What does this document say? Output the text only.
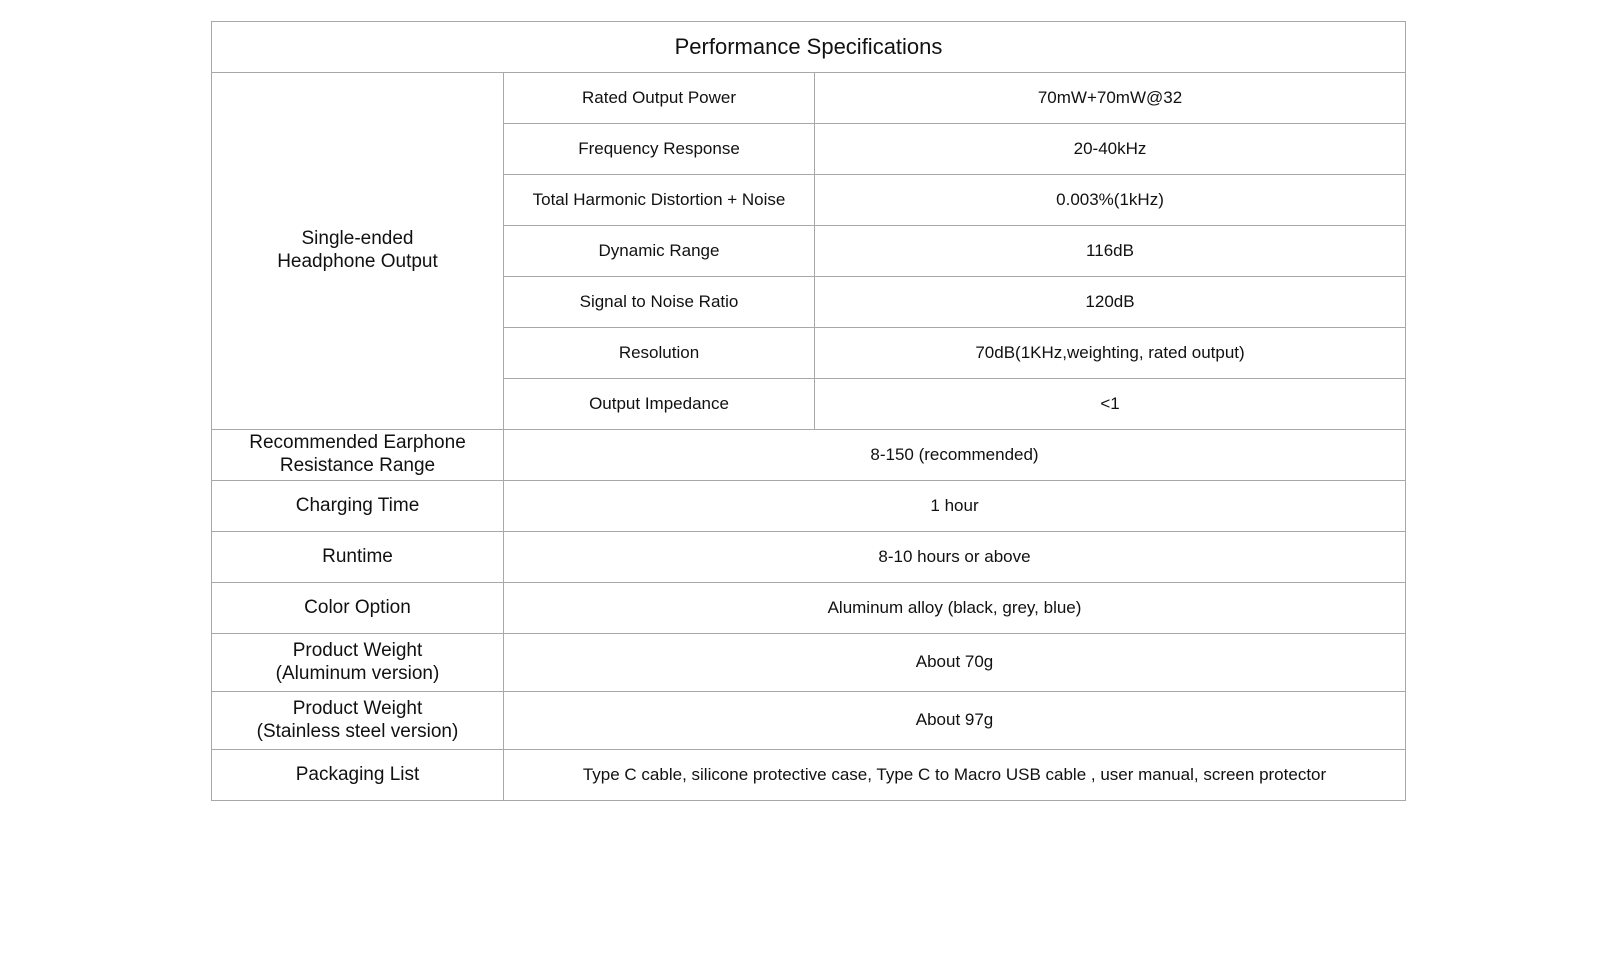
Performance Specifications		

Single-ended
Headphone Output	Rated Output Power	70mW+70mW@32
	Frequency Response	20-40kHz
	Total Harmonic Distortion + Noise	0.003%(1kHz)
	Dynamic Range	116dB
	Signal to Noise Ratio	120dB
	Resolution	70dB(1KHz,weighting, rated output)
	Output Impedance	<1

Recommended Earphone
Resistance Range	8-150 (recommended)	
Charging Time	1 hour	
Runtime	8-10 hours or above	
Color Option	Aluminum alloy (black, grey, blue)	

Product Weight
(Aluminum version)	About 70g	

Product Weight
(Stainless steel version)	About 97g	
Packaging List	Type C cable, silicone protective case, Type C to Macro USB cable , user manual, screen protector	
